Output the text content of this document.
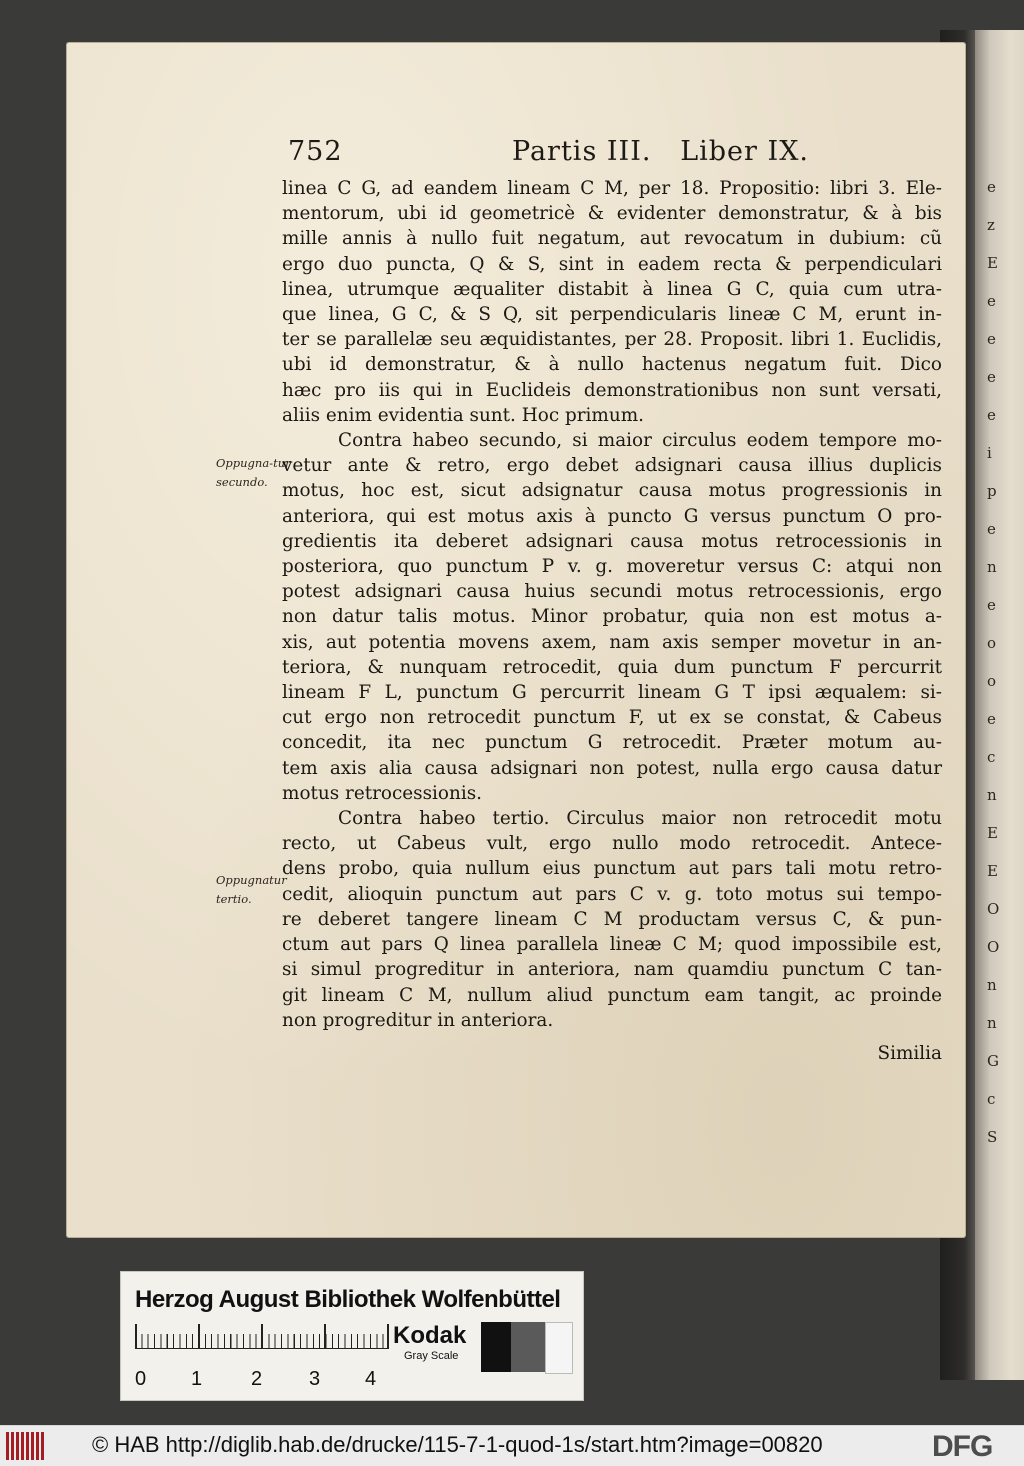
e
z
E
e
e
e
e
i
p
e
n
e
o
o
e
c
n
E
E
O
O
n
n
G
c
S
752	Partis III.   Liber IX.
Oppugna-tur secundo.
Oppugnatur tertio.
linea C G, ad eandem lineam C M, per 18. Propositio: libri 3. Ele-
mentorum, ubi id geometricè & evidenter demonstratur, & à bis
mille annis à nullo fuit negatum, aut revocatum in dubium: cũ
ergo duo puncta, Q & S, sint in eadem recta & perpendiculari
linea, utrumque æqualiter distabit à linea G C, quia cum utra-
que linea, G C, & S Q, sit perpendicularis lineæ C M, erunt in-
ter se parallelæ seu æquidistantes, per 28. Proposit. libri 1. Euclidis,
ubi id demonstratur, & à nullo hactenus negatum fuit. Dico
hæc pro iis qui in Euclideis demonstrationibus non sunt versati,
aliis enim evidentia sunt. Hoc primum.
Contra habeo secundo, si maior circulus eodem tempore mo-
vetur ante & retro, ergo debet adsignari causa illius duplicis
motus, hoc est, sicut adsignatur causa motus progressionis in
anteriora, qui est motus axis à puncto G versus punctum O pro-
gredientis ita deberet adsignari causa motus retrocessionis in
posteriora, quo punctum P v. g. moveretur versus C: atqui non
potest adsignari causa huius secundi motus retrocessionis, ergo
non datur talis motus. Minor probatur, quia non est motus a-
xis, aut potentia movens axem, nam axis semper movetur in an-
teriora, & nunquam retrocedit, quia dum punctum F percurrit
lineam F L, punctum G percurrit lineam G T ipsi æqualem: si-
cut ergo non retrocedit punctum F, ut ex se constat, & Cabeus
concedit, ita nec punctum G retrocedit. Præter motum au-
tem axis alia causa adsignari non potest, nulla ergo causa datur
motus retrocessionis.
Contra habeo tertio. Circulus maior non retrocedit motu
recto, ut Cabeus vult, ergo nullo modo retrocedit. Antece-
dens probo, quia nullum eius punctum aut pars tali motu retro-
cedit, alioquin punctum aut pars C v. g. toto motus sui tempo-
re deberet tangere lineam C M productam versus C, & pun-
ctum aut pars Q linea parallela lineæ C M; quod impossibile est,
si simul progreditur in anteriora, nam quamdiu punctum C tan-
git lineam C M, nullum aliud punctum eam tangit, ac proinde
non progreditur in anteriora.
Similia
Herzog August Bibliothek Wolfenbüttel
0 1 2 3 4
Kodak
Gray Scale
© HAB http://diglib.hab.de/drucke/115-7-1-quod-1s/start.htm?image=00820	DFG
